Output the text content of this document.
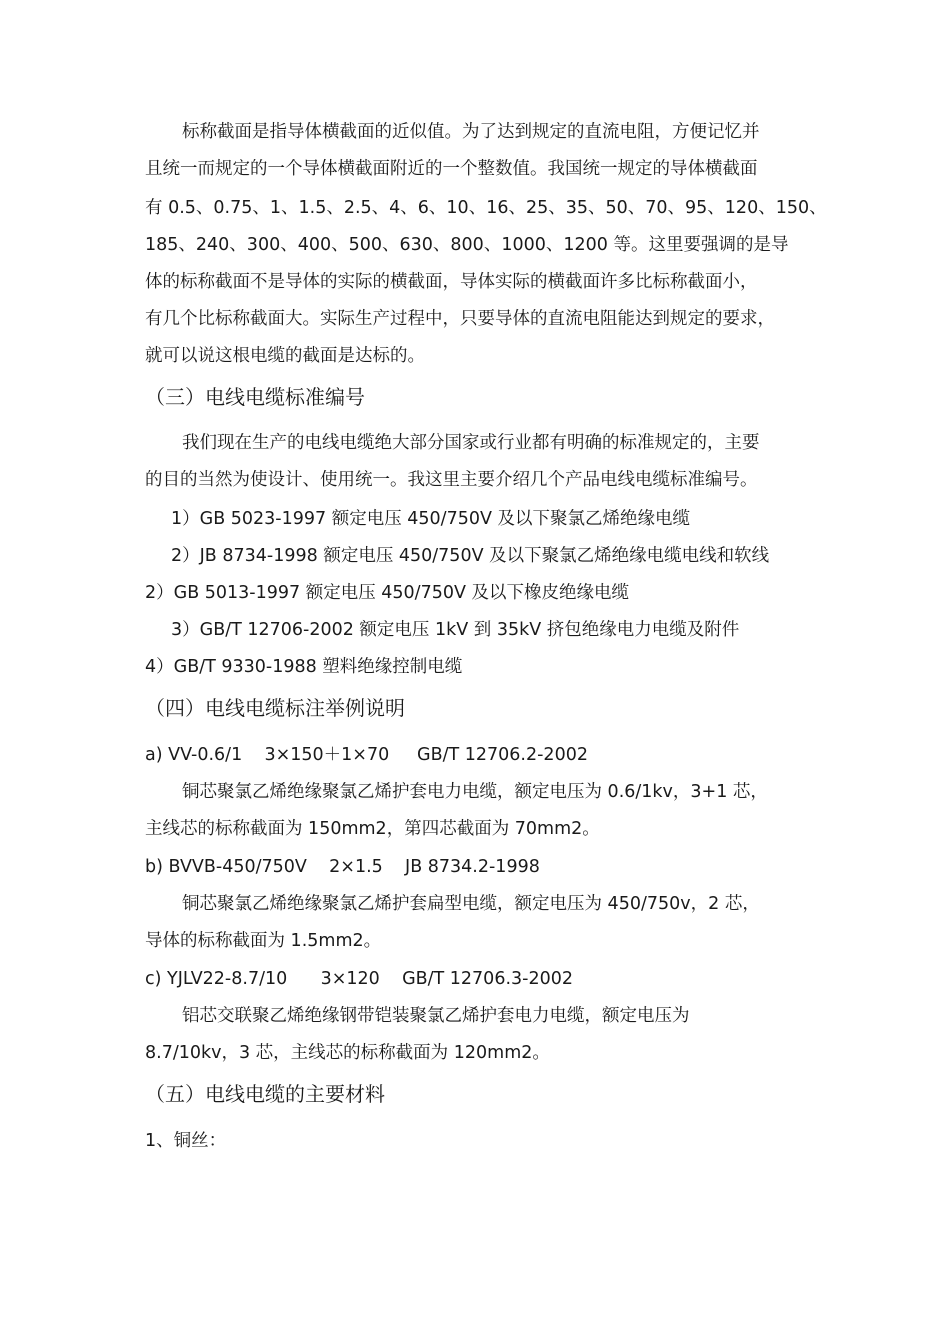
标称截面是指导体横截面的近似值。为了达到规定的直流电阻，方便记忆并
且统一而规定的一个导体横截面附近的一个整数值。我国统一规定的导体横截面
有 0.5、0.75、1、1.5、2.5、4、6、10、16、25、35、50、70、95、120、150、
185、240、300、400、500、630、800、1000、1200 等。这里要强调的是导
体的标称截面不是导体的实际的横截面，导体实际的横截面许多比标称截面小，
有几个比标称截面大。实际生产过程中，只要导体的直流电阻能达到规定的要求，
就可以说这根电缆的截面是达标的。
（三）电线电缆标准编号
我们现在生产的电线电缆绝大部分国家或行业都有明确的标准规定的，主要
的目的当然为使设计、使用统一。我这里主要介绍几个产品电线电缆标准编号。
1）GB 5023-1997 额定电压 450/750V 及以下聚氯乙烯绝缘电缆
2）JB 8734-1998 额定电压 450/750V 及以下聚氯乙烯绝缘电缆电线和软线
2）GB 5013-1997 额定电压 450/750V 及以下橡皮绝缘电缆
3）GB/T 12706-2002 额定电压 1kV 到 35kV 挤包绝缘电力电缆及附件
4）GB/T 9330-1988 塑料绝缘控制电缆
（四）电线电缆标注举例说明
a) VV-0.6/1    3×150＋1×70     GB/T 12706.2-2002
铜芯聚氯乙烯绝缘聚氯乙烯护套电力电缆，额定电压为 0.6/1kv，3+1 芯，
主线芯的标称截面为 150mm2，第四芯截面为 70mm2。
b) BVVB-450/750V    2×1.5    JB 8734.2-1998
铜芯聚氯乙烯绝缘聚氯乙烯护套扁型电缆，额定电压为 450/750v，2 芯，
导体的标称截面为 1.5mm2。
c) YJLV22-8.7/10      3×120    GB/T 12706.3-2002
铝芯交联聚乙烯绝缘钢带铠装聚氯乙烯护套电力电缆，额定电压为
8.7/10kv，3 芯，主线芯的标称截面为 120mm2。
（五）电线电缆的主要材料
1、铜丝：
